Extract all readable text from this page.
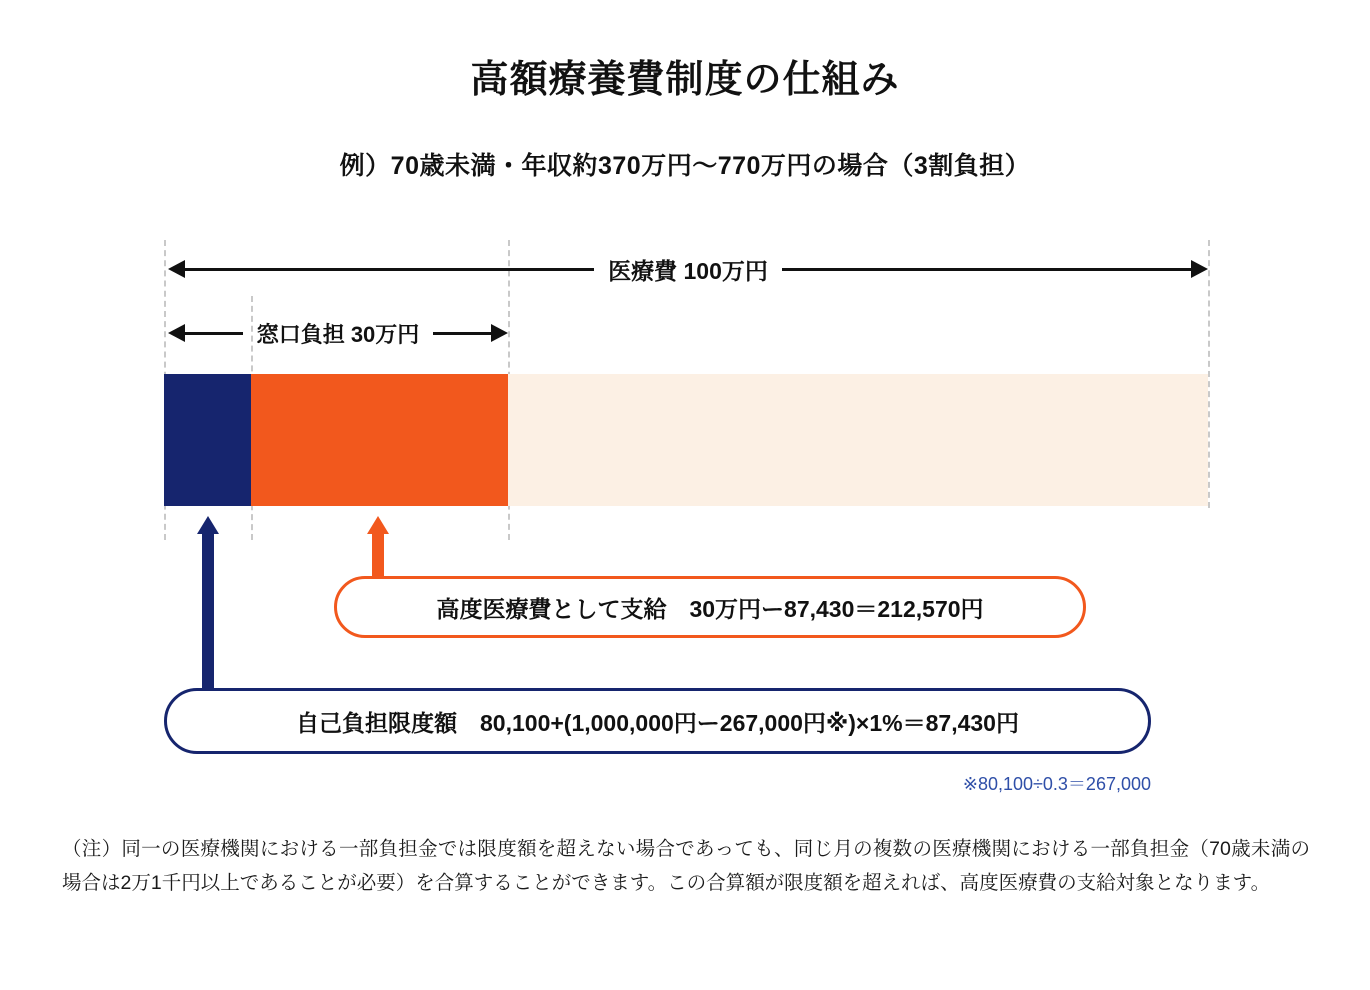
高額療養費制度の仕組み
例）70歳未満・年収約370万円〜770万円の場合（3割負担）
医療費 100万円
窓口負担 30万円
高度医療費として支給　30万円ー87,430＝212,570円
自己負担限度額　80,100+(1,000,000円ー267,000円※)×1%＝87,430円
※80,100÷0.3＝267,000
（注）同一の医療機関における一部負担金では限度額を超えない場合であっても、同じ月の複数の医療機関における一部負担金（70歳未満の場合は2万1千円以上であることが必要）を合算することができます。この合算額が限度額を超えれば、高度医療費の支給対象となります。
